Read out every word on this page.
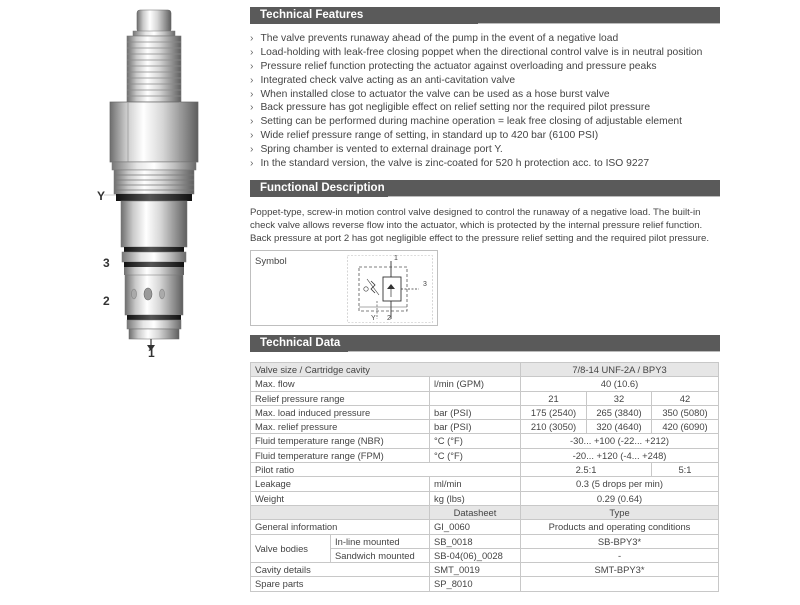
Y
3
2
1
Technical Features
› The valve prevents runaway ahead of the pump in the event of a negative load
› Load-holding with leak-free closing poppet when the directional control valve is in neutral position
› Pressure relief function protecting the actuator against overloading and pressure peaks
› Integrated check valve acting as an anti-cavitation valve
› When installed close to actuator the valve can be used as a hose burst valve
› Back pressure has got negligible effect on relief setting nor the required pilot pressure
› Setting can be performed during machine operation = leak free closing of adjustable element
› Wide relief pressure range of setting, in standard up to 420 bar (6100 PSI)
› Spring chamber is vented to external drainage port Y.
› In the standard version, the valve is zinc-coated for 520 h protection acc. to ISO 9227
Functional Description
Poppet-type, screw-in motion control valve designed to control the runaway of a negative load. The built-in check valve allows reverse flow into the actuator, which is protected by the internal pressure relief function. Back pressure at port 2 has got negligible effect to the pressure relief setting and the required pilot pressure.
Symbol	1
3
2
Y
Technical Data
Valve size / Cartridge cavity			7/8-14 UNF-2A / BPY3		
Max. flow		l/min (GPM)	40 (10.6)		
Relief pressure range			21	32	42
Max. load induced pressure		bar (PSI)	175 (2540)	265 (3840)	350 (5080)
Max. relief pressure		bar (PSI)	210 (3050)	320 (4640)	420 (6090)
Fluid temperature range (NBR)		°C (°F)	-30... +100 (-22... +212)		
Fluid temperature range (FPM)		°C (°F)	-20... +120 (-4... +248)		
Pilot ratio			2.5:1		5:1
Leakage		ml/min	0.3 (5 drops per min)		
Weight		kg (lbs)	0.29 (0.64)		
		Datasheet	Type		
General information		GI_0060	Products and operating conditions		
Valve bodies	In-line mounted	SB_0018	SB-BPY3*		
	Sandwich mounted	SB-04(06)_0028	-		
Cavity details		SMT_0019	SMT-BPY3*		
Spare parts		SP_8010			
